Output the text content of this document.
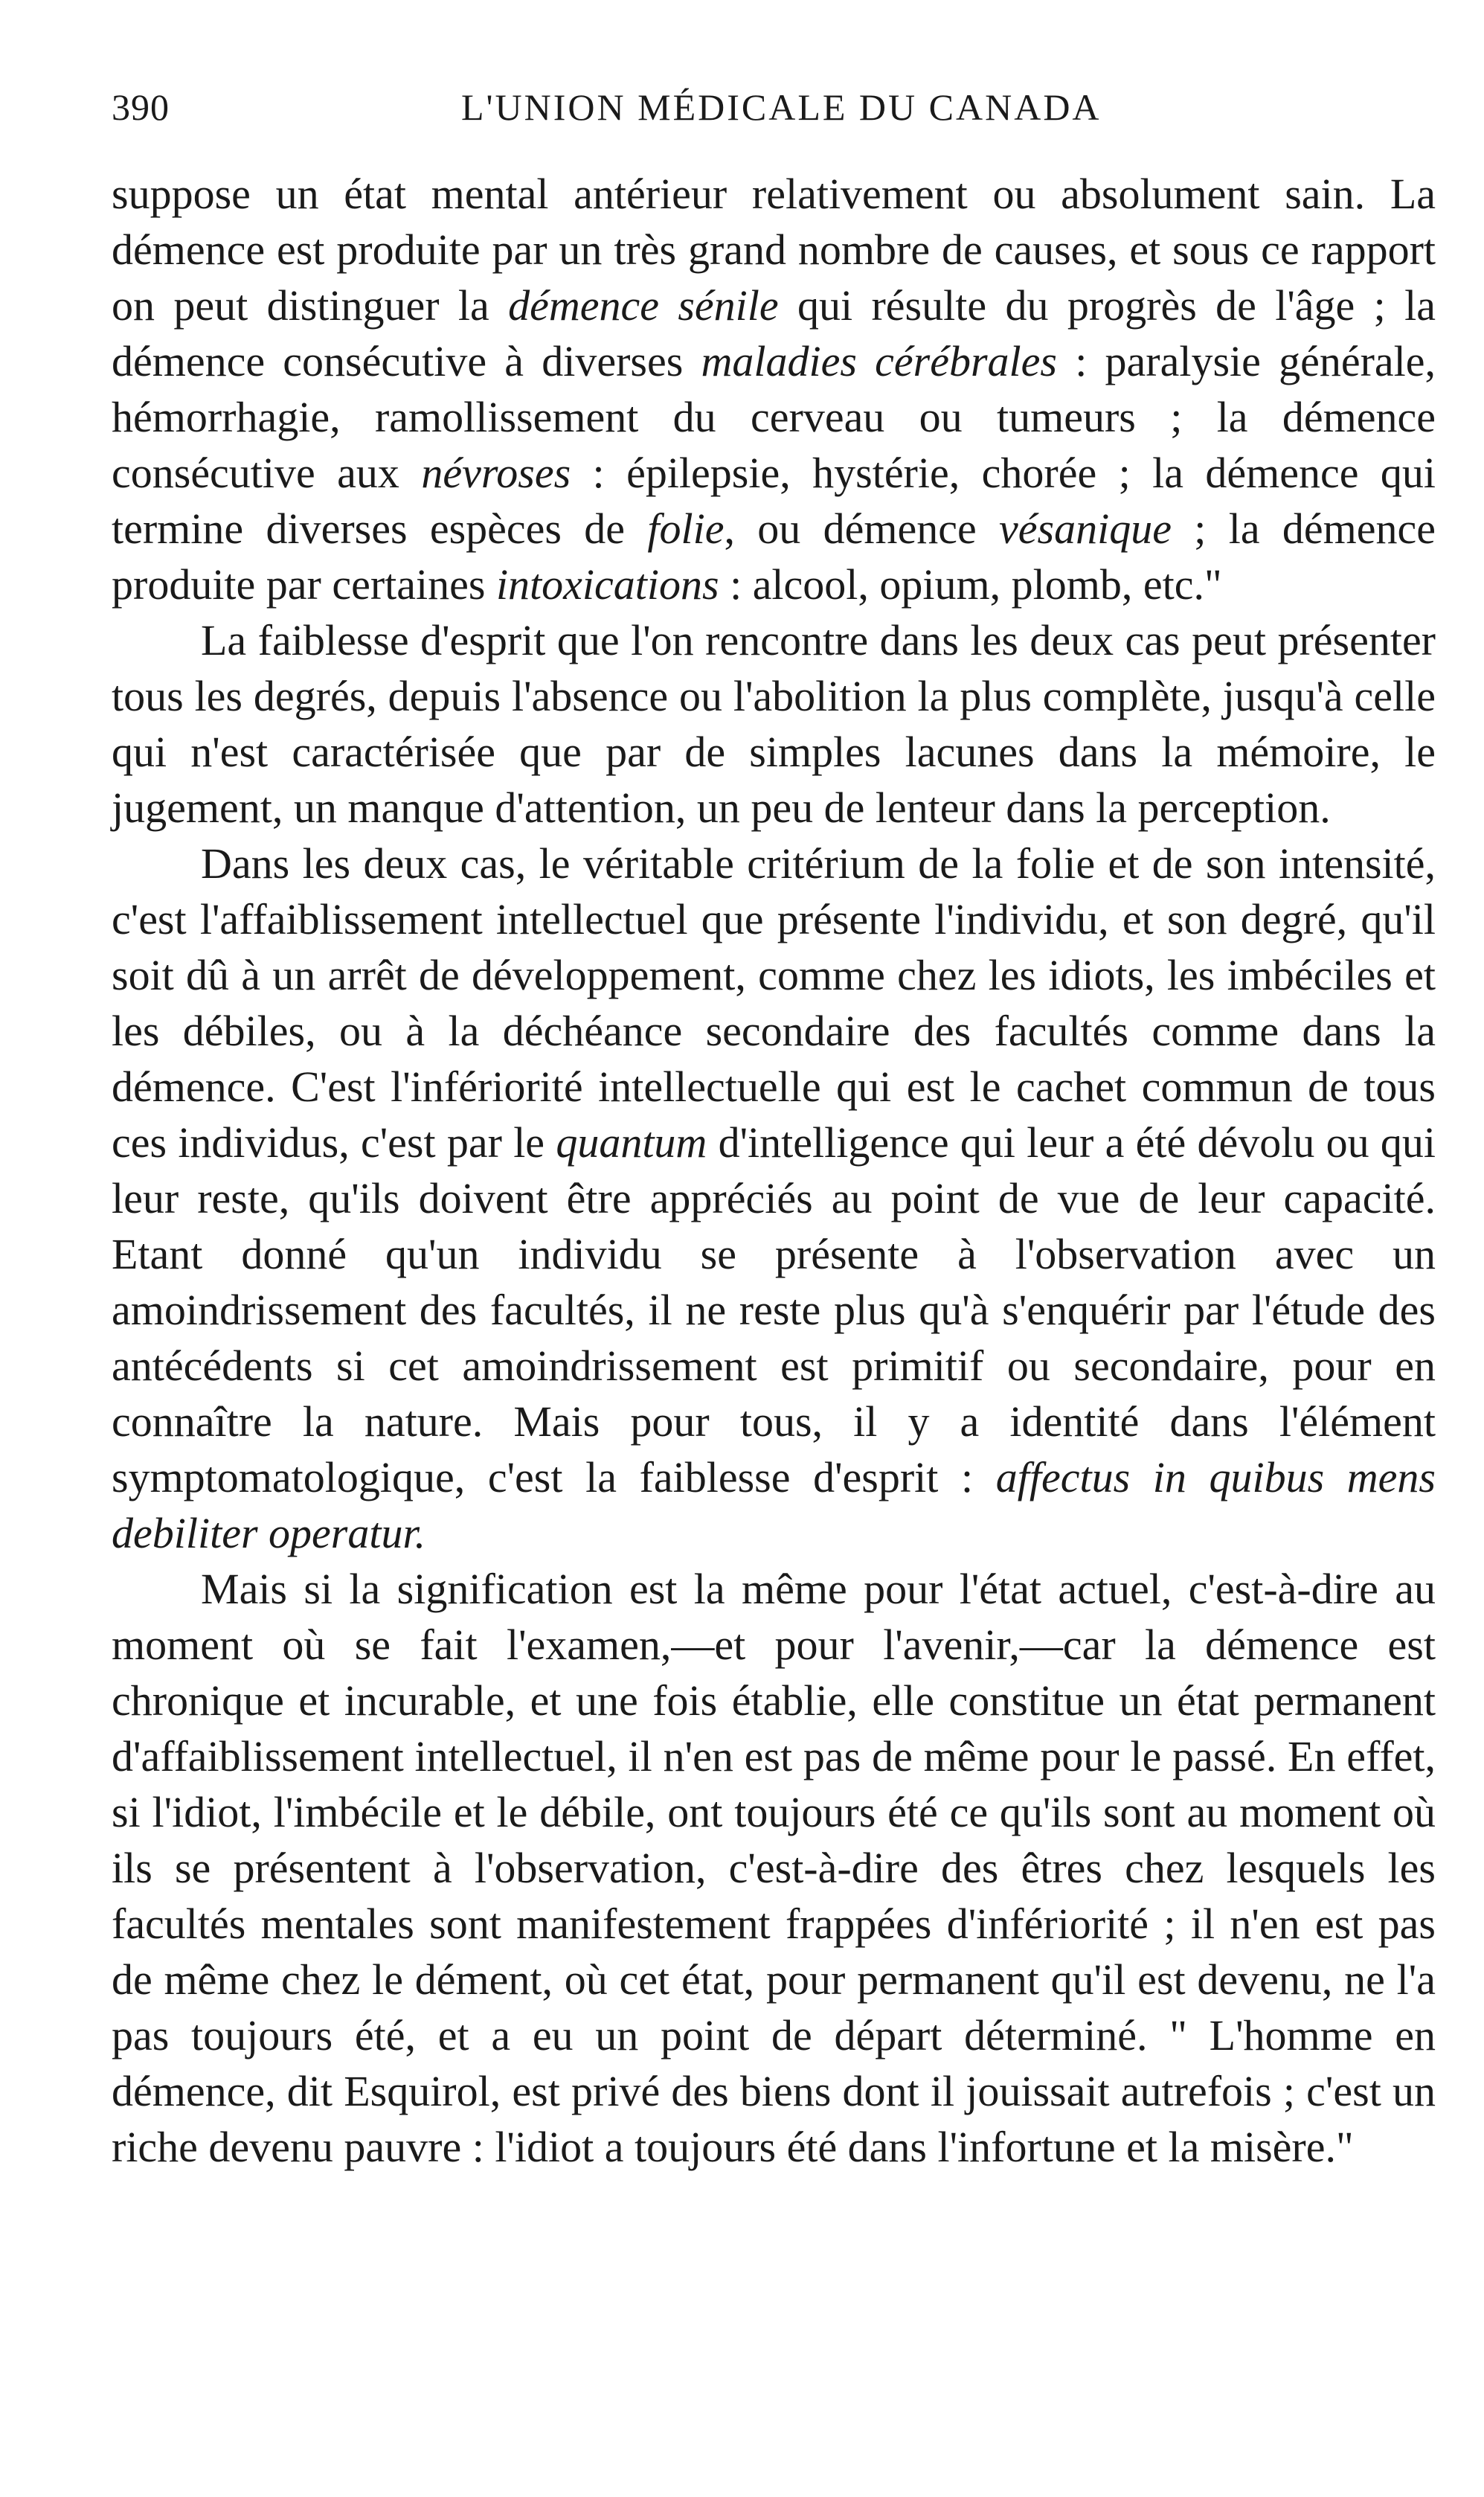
390	L'UNION MÉDICALE DU CANADA

suppose un état mental antérieur relativement ou absolument sain. La démence est produite par un très grand nombre de causes, et sous ce rapport on peut distinguer la démence sénile qui résulte du progrès de l'âge ; la démence consécutive à diverses maladies cérébrales : paralysie générale, hémorrhagie, ramollissement du cerveau ou tumeurs ; la démence consécutive aux névroses : épilepsie, hystérie, chorée ; la démence qui termine diverses espèces de folie, ou démence vésanique ; la démence produite par certaines intoxications : alcool, opium, plomb, etc."

La faiblesse d'esprit que l'on rencontre dans les deux cas peut présenter tous les degrés, depuis l'absence ou l'abolition la plus complète, jusqu'à celle qui n'est caractérisée que par de simples lacunes dans la mémoire, le jugement, un manque d'attention, un peu de lenteur dans la perception.

Dans les deux cas, le véritable critérium de la folie et de son intensité, c'est l'affaiblissement intellectuel que présente l'individu, et son degré, qu'il soit dû à un arrêt de développement, comme chez les idiots, les imbéciles et les débiles, ou à la déchéance secondaire des facultés comme dans la démence. C'est l'infériorité intellectuelle qui est le cachet commun de tous ces individus, c'est par le quantum d'intelligence qui leur a été dévolu ou qui leur reste, qu'ils doivent être appréciés au point de vue de leur capacité. Etant donné qu'un individu se présente à l'observation avec un amoindrissement des facultés, il ne reste plus qu'à s'enquérir par l'étude des antécédents si cet amoindrissement est primitif ou secondaire, pour en connaître la nature. Mais pour tous, il y a identité dans l'élément symptomatologique, c'est la faiblesse d'esprit : affectus in quibus mens debiliter operatur.

Mais si la signification est la même pour l'état actuel, c'est-à-dire au moment où se fait l'examen,—et pour l'avenir,—car la démence est chronique et incurable, et une fois établie, elle constitue un état permanent d'affaiblissement intellectuel, il n'en est pas de même pour le passé. En effet, si l'idiot, l'imbécile et le débile, ont toujours été ce qu'ils sont au moment où ils se présentent à l'observation, c'est-à-dire des êtres chez lesquels les facultés mentales sont manifestement frappées d'infériorité ; il n'en est pas de même chez le dément, où cet état, pour permanent qu'il est devenu, ne l'a pas toujours été, et a eu un point de départ déterminé. " L'homme en démence, dit Esquirol, est privé des biens dont il jouissait autrefois ; c'est un riche devenu pauvre : l'idiot a toujours été dans l'infortune et la misère."
